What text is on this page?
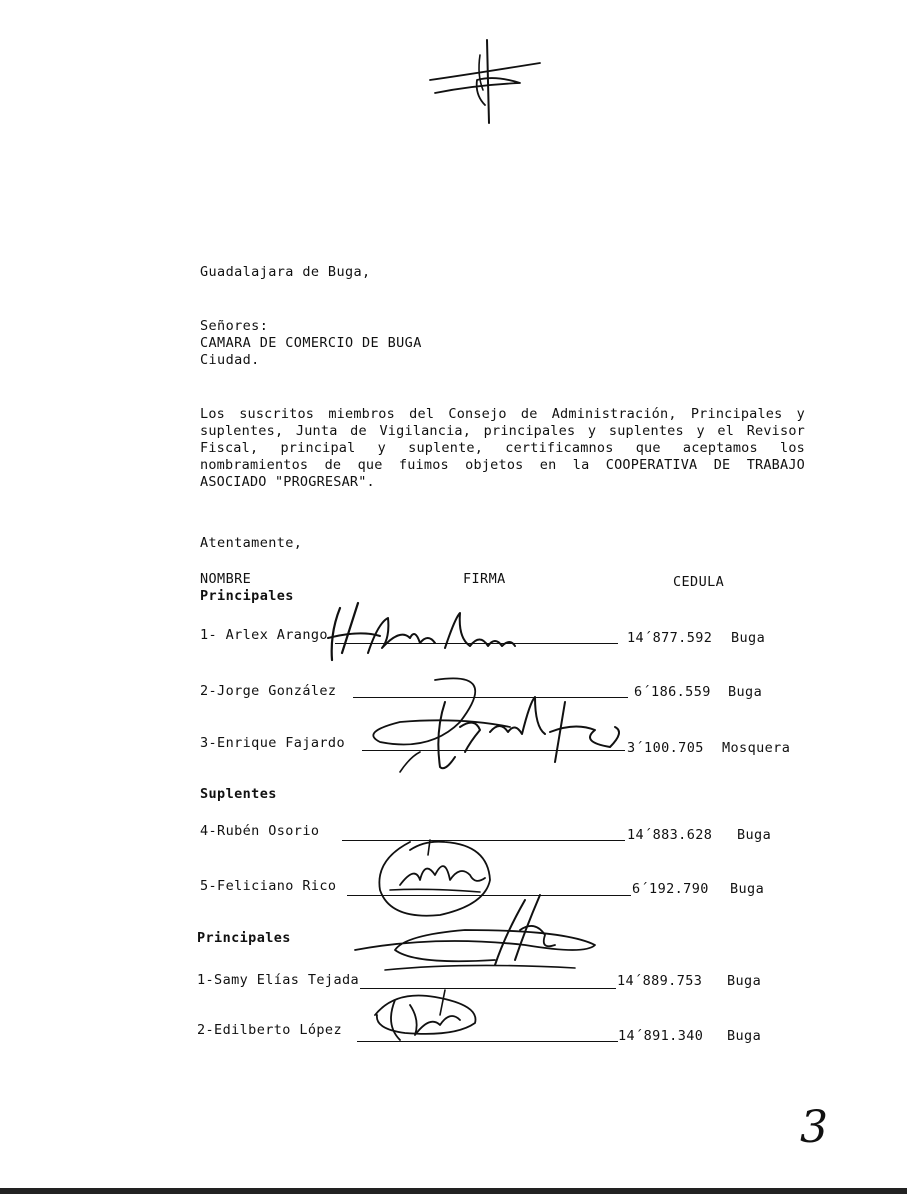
Guadalajara de Buga,
Señores:
CAMARA DE COMERCIO DE BUGA
Ciudad.
Los suscritos miembros del Consejo de Administración, Principales y suplentes, Junta de Vigilancia, principales y suplentes y el Revisor Fiscal, principal y suplente, certificamnos que aceptamos los nombramientos de que fuimos objetos en la COOPERATIVA DE TRABAJO ASOCIADO "PROGRESAR".
Atentamente,
NOMBRE	FIRMA	CEDULA
Principales
1- Arlex Arango	14´877.592 Buga
2-Jorge González	6´186.559 Buga
3-Enrique Fajardo	3´100.705 Mosquera
Suplentes
4-Rubén Osorio	14´883.628 Buga
5-Feliciano Rico	6´192.790 Buga
Principales
1-Samy Elías Tejada	14´889.753 Buga
2-Edilberto López	14´891.340 Buga
3
